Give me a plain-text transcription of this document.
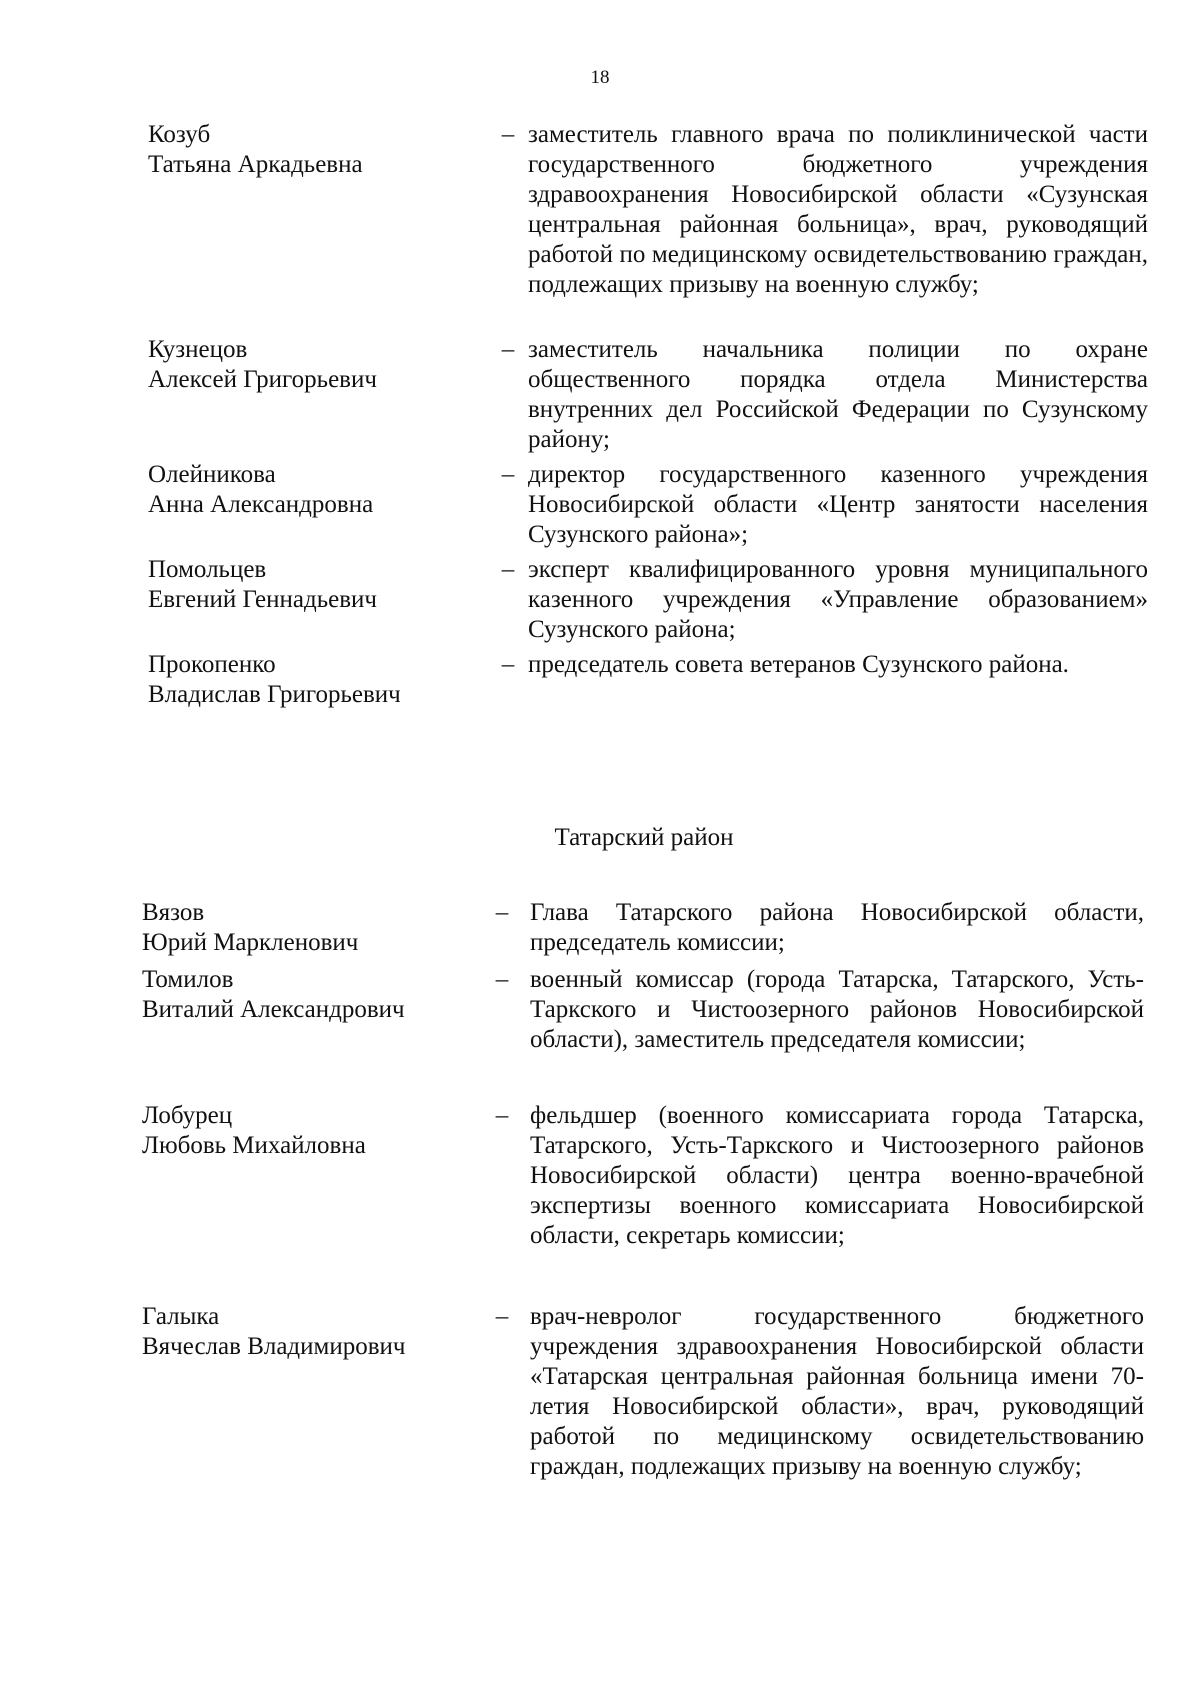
18
Козуб
Татьяна Аркадьевна
– заместитель главного врача по поликлинической части государственного бюджетного учреждения здравоохранения Новосибирской области «Сузунская центральная районная больница», врач, руководящий работой по медицинскому освидетельствованию граждан, подлежащих призыву на военную службу;
Кузнецов
Алексей Григорьевич
– заместитель начальника полиции по охране общественного порядка отдела Министерства внутренних дел Российской Федерации по Сузунскому району;
Олейникова
Анна Александровна
– директор государственного казенного учреждения Новосибирской области «Центр занятости населения Сузунского района»;
Помольцев
Евгений Геннадьевич
– эксперт квалифицированного уровня муниципального казенного учреждения «Управление образованием» Сузунского района;
Прокопенко
Владислав Григорьевич
– председатель совета ветеранов Сузунского района.
Татарский район
Вязов
Юрий Маркленович
– Глава Татарского района Новосибирской области, председатель комиссии;
Томилов
Виталий Александрович
– военный комиссар (города Татарска, Татарского, Усть-Таркского и Чистоозерного районов Новосибирской области), заместитель председателя комиссии;
Лобурец
Любовь Михайловна
– фельдшер (военного комиссариата города Татарска, Татарского, Усть-Таркского и Чистоозерного районов Новосибирской области) центра военно-врачебной экспертизы военного комиссариата Новосибирской области, секретарь комиссии;
Галыка
Вячеслав Владимирович
– врач-невролог государственного бюджетного учреждения здравоохранения Новосибирской области «Татарская центральная районная больница имени 70-летия Новосибирской области», врач, руководящий работой по медицинскому освидетельствованию граждан, подлежащих призыву на военную службу;
